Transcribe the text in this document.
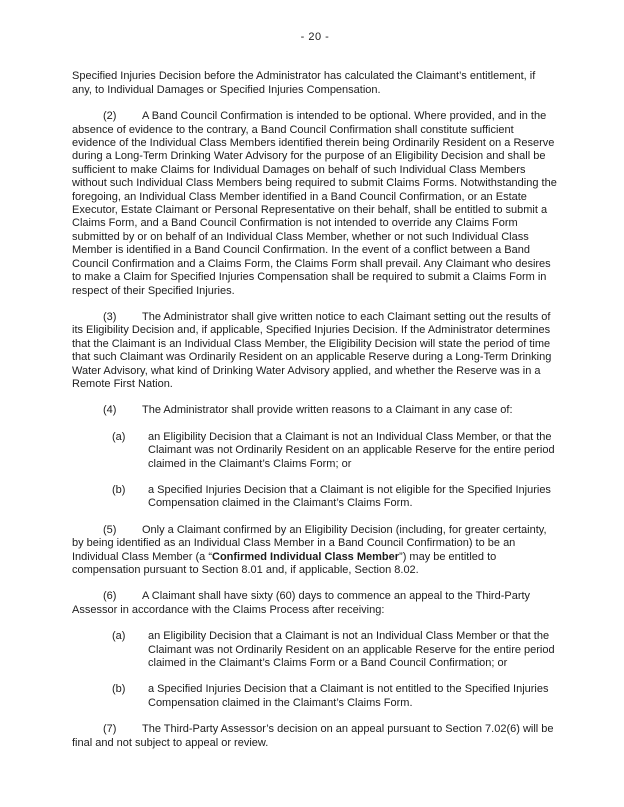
- 20 -

Specified Injuries Decision before the Administrator has calculated the Claimant’s entitlement, if any, to Individual Damages or Specified Injuries Compensation.

(2) A Band Council Confirmation is intended to be optional. Where provided, and in the absence of evidence to the contrary, a Band Council Confirmation shall constitute sufficient evidence of the Individual Class Members identified therein being Ordinarily Resident on a Reserve during a Long-Term Drinking Water Advisory for the purpose of an Eligibility Decision and shall be sufficient to make Claims for Individual Damages on behalf of such Individual Class Members without such Individual Class Members being required to submit Claims Forms. Notwithstanding the foregoing, an Individual Class Member identified in a Band Council Confirmation, or an Estate Executor, Estate Claimant or Personal Representative on their behalf, shall be entitled to submit a Claims Form, and a Band Council Confirmation is not intended to override any Claims Form submitted by or on behalf of an Individual Class Member, whether or not such Individual Class Member is identified in a Band Council Confirmation. In the event of a conflict between a Band Council Confirmation and a Claims Form, the Claims Form shall prevail. Any Claimant who desires to make a Claim for Specified Injuries Compensation shall be required to submit a Claims Form in respect of their Specified Injuries.

(3) The Administrator shall give written notice to each Claimant setting out the results of its Eligibility Decision and, if applicable, Specified Injuries Decision. If the Administrator determines that the Claimant is an Individual Class Member, the Eligibility Decision will state the period of time that such Claimant was Ordinarily Resident on an applicable Reserve during a Long-Term Drinking Water Advisory, what kind of Drinking Water Advisory applied, and whether the Reserve was in a Remote First Nation.

(4) The Administrator shall provide written reasons to a Claimant in any case of:

(a)	an Eligibility Decision that a Claimant is not an Individual Class Member, or that the Claimant was not Ordinarily Resident on an applicable Reserve for the entire period claimed in the Claimant’s Claims Form; or
(b)	a Specified Injuries Decision that a Claimant is not eligible for the Specified Injuries Compensation claimed in the Claimant’s Claims Form.

(5) Only a Claimant confirmed by an Eligibility Decision (including, for greater certainty, by being identified as an Individual Class Member in a Band Council Confirmation) to be an Individual Class Member (a “Confirmed Individual Class Member”) may be entitled to compensation pursuant to Section 8.01 and, if applicable, Section 8.02.

(6) A Claimant shall have sixty (60) days to commence an appeal to the Third-Party Assessor in accordance with the Claims Process after receiving:

(a)	an Eligibility Decision that a Claimant is not an Individual Class Member or that the Claimant was not Ordinarily Resident on an applicable Reserve for the entire period claimed in the Claimant’s Claims Form or a Band Council Confirmation; or
(b)	a Specified Injuries Decision that a Claimant is not entitled to the Specified Injuries Compensation claimed in the Claimant’s Claims Form.

(7) The Third-Party Assessor’s decision on an appeal pursuant to Section 7.02(6) will be final and not subject to appeal or review.
